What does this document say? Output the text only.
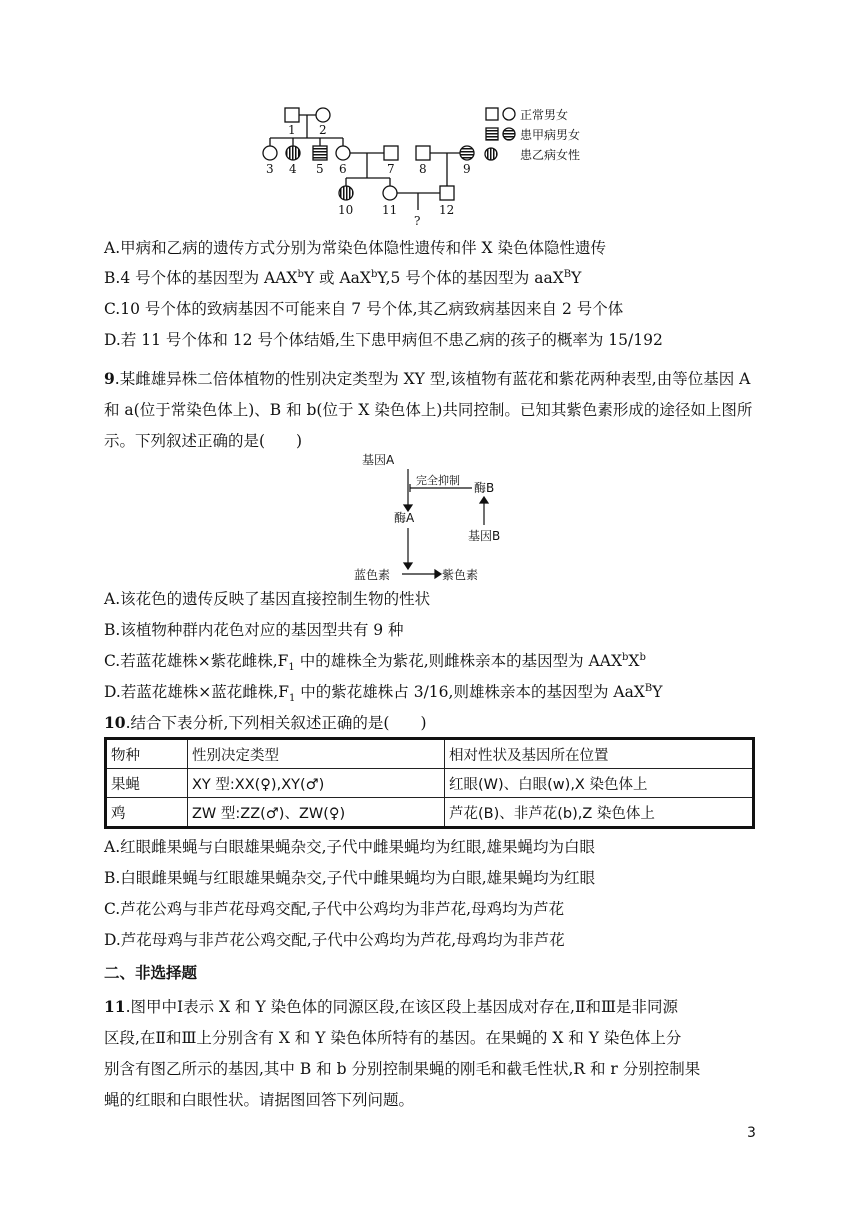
1 2
3 4 5 6	7 8	9
10 11	12
?
正常男女
患甲病男女
患乙病女性
A.甲病和乙病的遗传方式分别为常染色体隐性遗传和伴 X 染色体隐性遗传
B.4 号个体的基因型为 AAX$^b$Y 或 AaX$^b$Y,5 号个体的基因型为 aaX$^B$Y
C.10 号个体的致病基因不可能来自 7 号个体,其乙病致病基因来自 2 号个体
D.若 11 号个体和 12 号个体结婚,生下患甲病但不患乙病的孩子的概率为 15/192
9.某雌雄异株二倍体植物的性别决定类型为 XY 型,该植物有蓝花和紫花两种表型,由等位基因 A 和 a(位于常染色体上)、B 和 b(位于 X 染色体上)共同控制。已知其紫色素形成的途径如上图所示。下列叙述正确的是(　　)
基因A
完全抑制
酶B
酶A
基因B
蓝色素	紫色素
A.该花色的遗传反映了基因直接控制生物的性状
B.该植物种群内花色对应的基因型共有 9 种
C.若蓝花雄株×紫花雌株$,F_1$ 中的雄株全为紫花,则雌株亲本的基因型为 $AAX^bX^b$
D.若蓝花雄株×蓝花雌株$,F_1$ 中的紫花雄株占 3/16,则雄株亲本的基因型为 AaX$^B$Y
10.结合下表分析,下列相关叙述正确的是(　　)
物种	性别决定类型	相对性状及基因所在位置
果蝇	XY 型:XX(♀),XY(♂)	红眼(W)、白眼(w),X 染色体上
鸡	ZW 型:ZZ(♂)、ZW(♀)	芦花(B)、非芦花(b),Z 染色体上
A.红眼雌果蝇与白眼雄果蝇杂交,子代中雌果蝇均为红眼,雄果蝇均为白眼
B.白眼雌果蝇与红眼雄果蝇杂交,子代中雌果蝇均为白眼,雄果蝇均为红眼
C.芦花公鸡与非芦花母鸡交配,子代中公鸡均为非芦花,母鸡均为芦花
D.芦花母鸡与非芦花公鸡交配,子代中公鸡均为芦花,母鸡均为非芦花
二、非选择题
11.图甲中Ⅰ表示 X 和 Y 染色体的同源区段,在该区段上基因成对存在,Ⅱ和Ⅲ是非同源
区段,在Ⅱ和Ⅲ上分别含有 X 和 Y 染色体所特有的基因。在果蝇的 X 和 Y 染色体上分
别含有图乙所示的基因,其中 B 和 b 分别控制果蝇的刚毛和截毛性状,R 和 r 分别控制果
蝇的红眼和白眼性状。请据图回答下列问题。
3
